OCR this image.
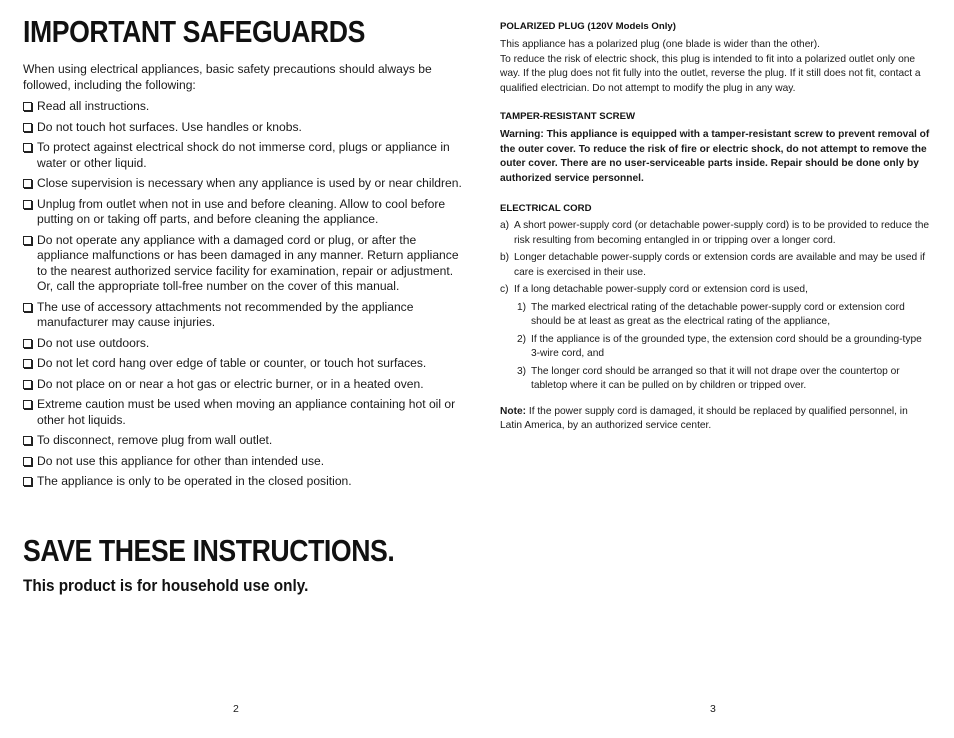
IMPORTANT SAFEGUARDS

When using electrical appliances, basic safety precautions should always be followed, including the following:

Read all instructions.
Do not touch hot surfaces. Use handles or knobs.
To protect against electrical shock do not immerse cord, plugs or appliance in water or other liquid.
Close supervision is necessary when any appliance is used by or near children.
Unplug from outlet when not in use and before cleaning. Allow to cool before putting on or taking off parts, and before cleaning the appliance.
Do not operate any appliance with a damaged cord or plug, or after the appliance malfunctions or has been damaged in any manner. Return appliance to the nearest authorized service facility for examination, repair or adjustment. Or, call the appropriate toll-free number on the cover of this manual.
The use of accessory attachments not recommended by the appliance manufacturer may cause injuries.
Do not use outdoors.
Do not let cord hang over edge of table or counter, or touch hot surfaces.
Do not place on or near a hot gas or electric burner, or in a heated oven.
Extreme caution must be used when moving an appliance containing hot oil or other hot liquids.
To disconnect, remove plug from wall outlet.
Do not use this appliance for other than intended use.
The appliance is only to be operated in the closed position.
SAVE THESE INSTRUCTIONS.

This product is for household use only.

2

POLARIZED PLUG (120V Models Only)

This appliance has a polarized plug (one blade is wider than the other).

To reduce the risk of electric shock, this plug is intended to fit into a polarized outlet only one way. If the plug does not fit fully into the outlet, reverse the plug. If it still does not fit, contact a qualified electrician. Do not attempt to modify the plug in any way.

TAMPER-RESISTANT SCREW

Warning: This appliance is equipped with a tamper-resistant screw to prevent removal of the outer cover. To reduce the risk of fire or electric shock, do not attempt to remove the outer cover. There are no user-serviceable parts inside. Repair should be done only by authorized service personnel.

ELECTRICAL CORD

a) A short power-supply cord (or detachable power-supply cord) is to be provided to reduce the risk resulting from becoming entangled in or tripping over a longer cord.
b) Longer detachable power-supply cords or extension cords are available and may be used if care is exercised in their use.
c) If a long detachable power-supply cord or extension cord is used,
1) The marked electrical rating of the detachable power-supply cord or extension cord should be at least as great as the electrical rating of the appliance,
2) If the appliance is of the grounded type, the extension cord should be a grounding-type 3-wire cord, and
3) The longer cord should be arranged so that it will not drape over the countertop or tabletop where it can be pulled on by children or tripped over.

Note: If the power supply cord is damaged, it should be replaced by qualified personnel, in Latin America, by an authorized service center.

3
